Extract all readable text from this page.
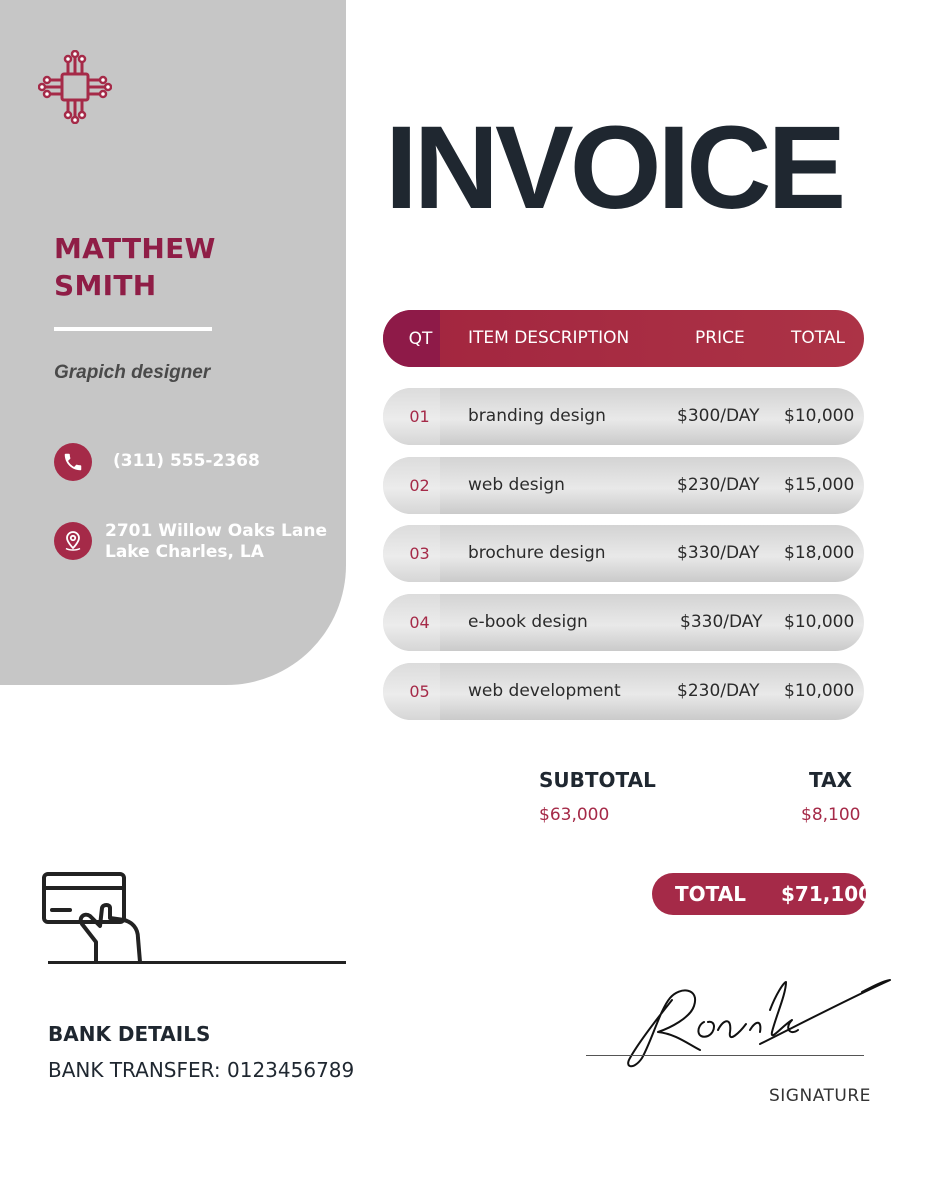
MATTHEW
SMITH
Grapich designer
(311) 555-2368
2701 Willow Oaks Lane
Lake Charles, LA
INVOICE
QT	ITEM DESCRIPTION	PRICE	TOTAL
01	branding design	$300/DAY $10,000
02	web design	$230/DAY $15,000
03	brochure design	$330/DAY $18,000
04	e-book design	$330/DAY $10,000
05	web development	$230/DAY $10,000
SUBTOTAL
$63,000
TAX
$8,100
TOTAL $71,100
BANK DETAILS
BANK TRANSFER: 0123456789
SIGNATURE
